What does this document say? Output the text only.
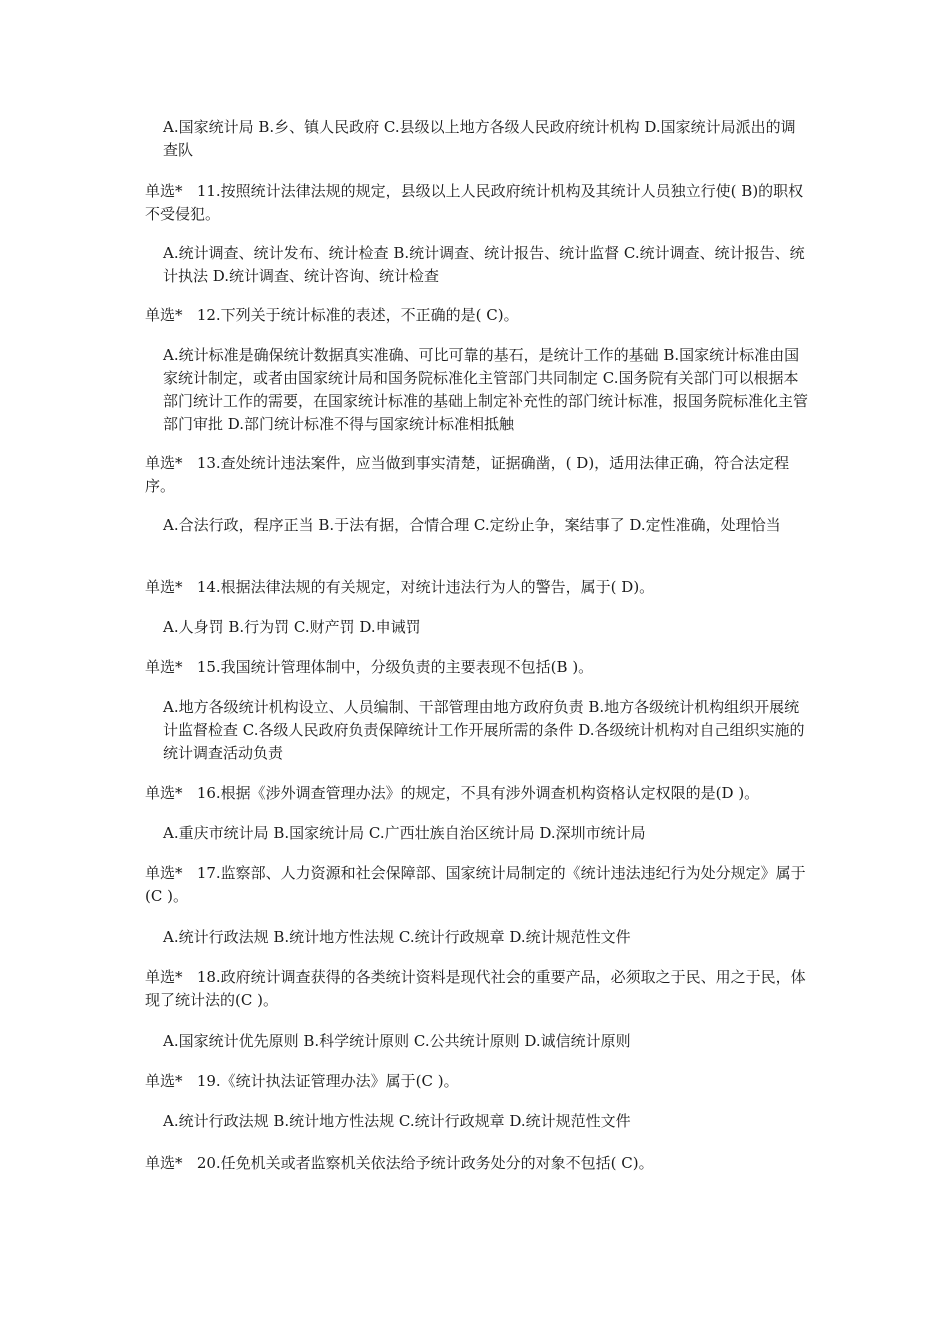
A.国家统计局 B.乡、镇人民政府 C.县级以上地方各级人民政府统计机构 D.国家统计局派出的调查队
单选* 11.按照统计法律法规的规定，县级以上人民政府统计机构及其统计人员独立行使( B)的职权不受侵犯。
A.统计调查、统计发布、统计检查 B.统计调查、统计报告、统计监督 C.统计调查、统计报告、统计执法 D.统计调查、统计咨询、统计检查
单选* 12.下列关于统计标准的表述，不正确的是( C)。
A.统计标准是确保统计数据真实准确、可比可靠的基石，是统计工作的基础 B.国家统计标准由国家统计制定，或者由国家统计局和国务院标准化主管部门共同制定 C.国务院有关部门可以根据本部门统计工作的需要，在国家统计标准的基础上制定补充性的部门统计标准，报国务院标准化主管部门审批 D.部门统计标准不得与国家统计标准相抵触
单选* 13.查处统计违法案件，应当做到事实清楚，证据确凿，( D)，适用法律正确，符合法定程序。
A.合法行政，程序正当 B.于法有据，合情合理 C.定纷止争，案结事了 D.定性准确，处理恰当
单选* 14.根据法律法规的有关规定，对统计违法行为人的警告，属于( D)。
A.人身罚 B.行为罚 C.财产罚 D.申诫罚
单选* 15.我国统计管理体制中，分级负责的主要表现不包括(B )。
A.地方各级统计机构设立、人员编制、干部管理由地方政府负责 B.地方各级统计机构组织开展统计监督检查 C.各级人民政府负责保障统计工作开展所需的条件 D.各级统计机构对自己组织实施的统计调查活动负责
单选* 16.根据《涉外调查管理办法》的规定，不具有涉外调查机构资格认定权限的是(D )。
A.重庆市统计局 B.国家统计局 C.广西壮族自治区统计局 D.深圳市统计局
单选* 17.监察部、人力资源和社会保障部、国家统计局制定的《统计违法违纪行为处分规定》属于(C )。
A.统计行政法规 B.统计地方性法规 C.统计行政规章 D.统计规范性文件
单选* 18.政府统计调查获得的各类统计资料是现代社会的重要产品，必须取之于民、用之于民，体现了统计法的(C )。
A.国家统计优先原则 B.科学统计原则 C.公共统计原则 D.诚信统计原则
单选* 19.《统计执法证管理办法》属于(C )。
A.统计行政法规 B.统计地方性法规 C.统计行政规章 D.统计规范性文件
单选* 20.任免机关或者监察机关依法给予统计政务处分的对象不包括( C)。
